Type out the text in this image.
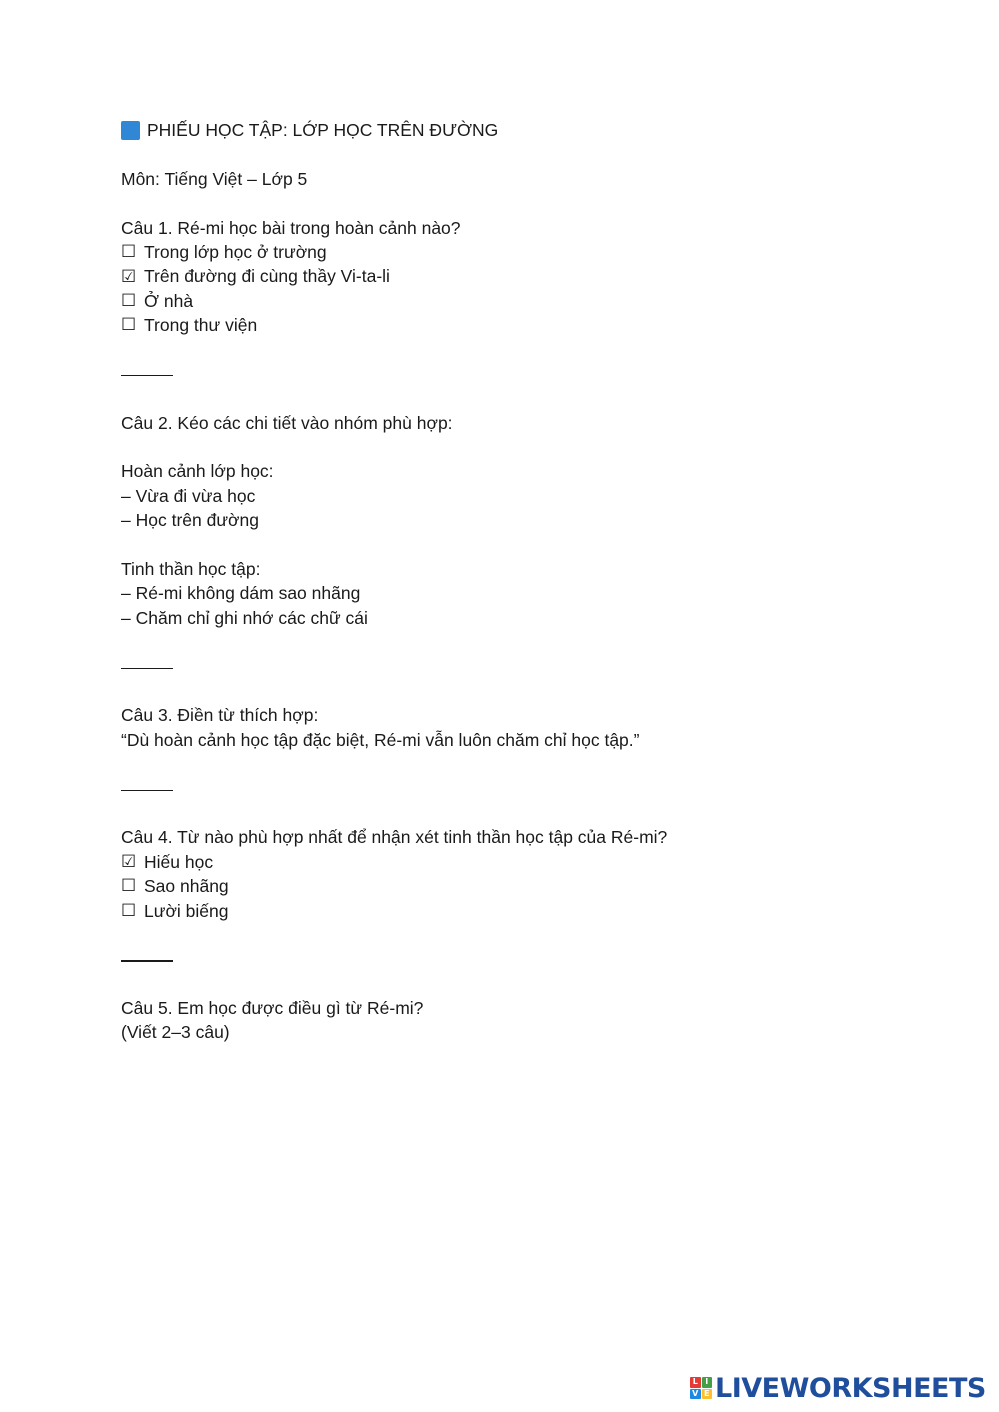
PHIẾU HỌC TẬP: LỚP HỌC TRÊN ĐƯỜNG
Môn: Tiếng Việt – Lớp 5
Câu 1. Ré-mi học bài trong hoàn cảnh nào?
☐ Trong lớp học ở trường
☑ Trên đường đi cùng thầy Vi-ta-li
☐ Ở nhà
☐ Trong thư viện
Câu 2. Kéo các chi tiết vào nhóm phù hợp:
Hoàn cảnh lớp học:
– Vừa đi vừa học
– Học trên đường
Tinh thần học tập:
– Ré-mi không dám sao nhãng
– Chăm chỉ ghi nhớ các chữ cái
Câu 3. Điền từ thích hợp:
“Dù hoàn cảnh học tập đặc biệt, Ré-mi vẫn luôn chăm chỉ học tập.”
Câu 4. Từ nào phù hợp nhất để nhận xét tinh thần học tập của Ré-mi?
☑ Hiếu học
☐ Sao nhãng
☐ Lười biếng
Câu 5. Em học được điều gì từ Ré-mi?
(Viết 2–3 câu)
L I
V E LIVEWORKSHEETS
